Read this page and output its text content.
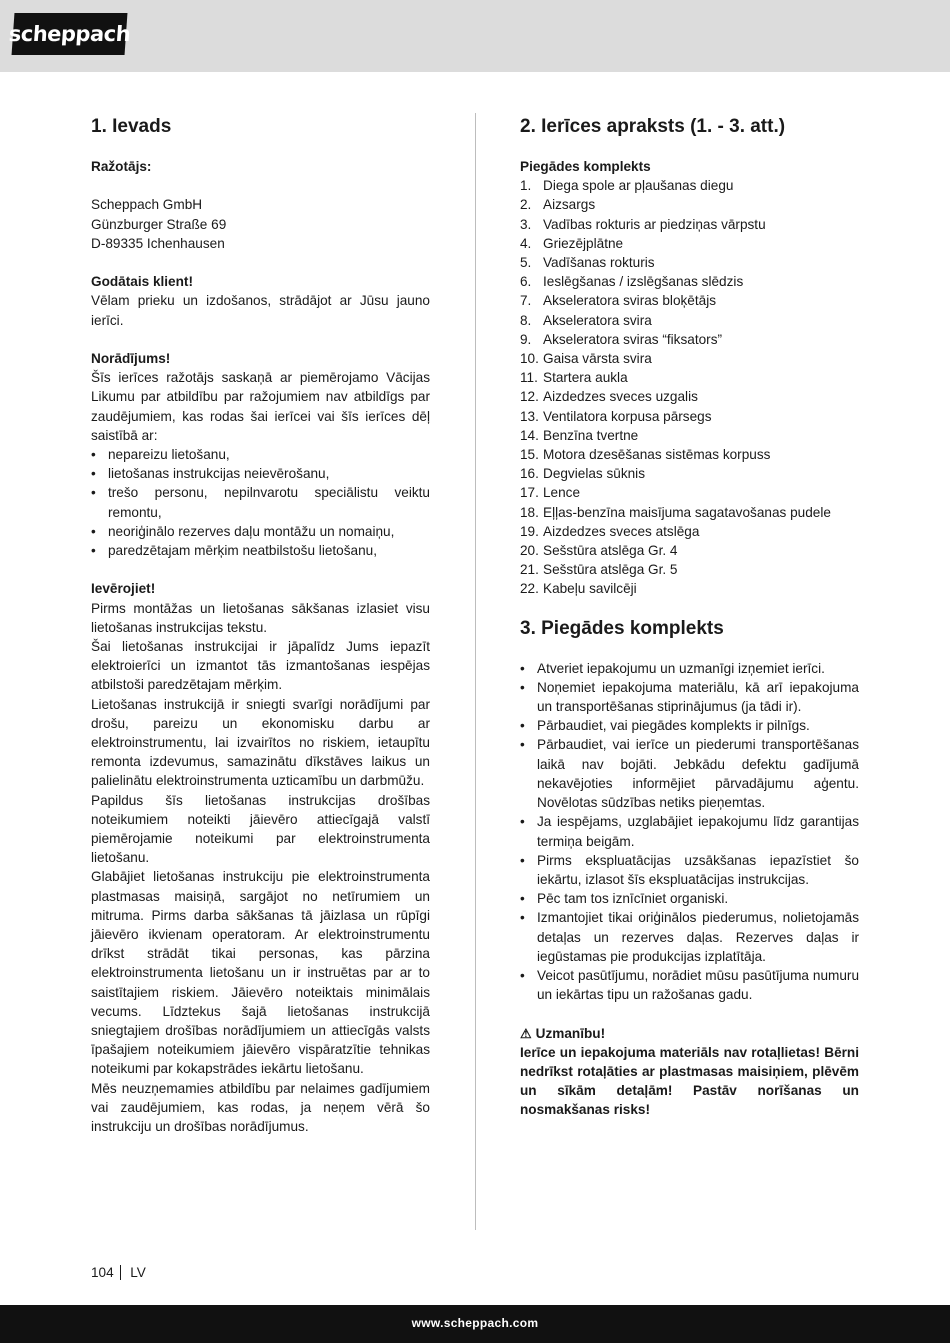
scheppach
1. Ievads
Ražotājs:
Scheppach GmbH
Günzburger Straße 69
D-89335 Ichenhausen
Godātais klient!

Vēlam prieku un izdošanos, strādājot ar Jūsu jauno ierīci.

Norādījums!

Šīs ierīces ražotājs saskaņā ar piemērojamo Vācijas Likumu par atbildību par ražojumiem nav atbildīgs par zaudējumiem, kas rodas šai ierīcei vai šīs ierīces dēļ saistībā ar:

• nepareizu lietošanu,
• lietošanas instrukcijas neievērošanu,
• trešo personu, nepilnvarotu speciālistu veiktu remontu,
• neoriģinālo rezerves daļu montāžu un nomaiņu,
• paredzētajam mērķim neatbilstošu lietošanu,
Ievērojiet!

Pirms montāžas un lietošanas sākšanas izlasiet visu lietošanas instrukcijas tekstu.

Šai lietošanas instrukcijai ir jāpalīdz Jums iepazīt elektroierīci un izmantot tās izmantošanas iespējas atbilstoši paredzētajam mērķim.

Lietošanas instrukcijā ir sniegti svarīgi norādījumi par drošu, pareizu un ekonomisku darbu ar elektroinstrumentu, lai izvairītos no riskiem, ietaupītu remonta izdevumus, samazinātu dīkstāves laikus un palielinātu elektroinstrumenta uzticamību un darbmūžu.

Papildus šīs lietošanas instrukcijas drošības noteikumiem noteikti jāievēro attiecīgajā valstī piemērojamie noteikumi par elektroinstrumenta lietošanu.

Glabājiet lietošanas instrukciju pie elektroinstrumenta plastmasas maisiņā, sargājot no netīrumiem un mitruma. Pirms darba sākšanas tā jāizlasa un rūpīgi jāievēro ikvienam operatoram. Ar elektroinstrumentu drīkst strādāt tikai personas, kas pārzina elektroinstrumenta lietošanu un ir instruētas par ar to saistītajiem riskiem. Jāievēro noteiktais minimālais vecums. Līdztekus šajā lietošanas instrukcijā sniegtajiem drošības norādījumiem un attiecīgās valsts īpašajiem noteikumiem jāievēro vispāratzītie tehnikas noteikumi par kokapstrādes iekārtu lietošanu.

Mēs neuzņemamies atbildību par nelaimes gadījumiem vai zaudējumiem, kas rodas, ja neņem vērā šo instrukciju un drošības norādījumus.

2. Ierīces apraksts (1. - 3. att.)
Piegādes komplekts
1. Diega spole ar pļaušanas diegu
2. Aizsargs
3. Vadības rokturis ar piedziņas vārpstu
4. Griezējplātne
5. Vadīšanas rokturis
6. Ieslēgšanas / izslēgšanas slēdzis
7. Akseleratora sviras bloķētājs
8. Akseleratora svira
9. Akseleratora sviras “fiksators”
10. Gaisa vārsta svira
11. Startera aukla
12. Aizdedzes sveces uzgalis
13. Ventilatora korpusa pārsegs
14. Benzīna tvertne
15. Motora dzesēšanas sistēmas korpuss
16. Degvielas sūknis
17. Lence
18. Eļļas-benzīna maisījuma sagatavošanas pudele
19. Aizdedzes sveces atslēga
20. Sešstūra atslēga Gr. 4
21. Sešstūra atslēga Gr. 5
22. Kabeļu savilcēji
3. Piegādes komplekts
• Atveriet iepakojumu un uzmanīgi izņemiet ierīci.
• Noņemiet iepakojuma materiālu, kā arī iepakojuma un transportēšanas stiprinājumus (ja tādi ir).
• Pārbaudiet, vai piegādes komplekts ir pilnīgs.
• Pārbaudiet, vai ierīce un piederumi transportēšanas laikā nav bojāti. Jebkādu defektu gadījumā nekavējoties informējiet pārvadājumu aģentu. Novēlotas sūdzības netiks pieņemtas.
• Ja iespējams, uzglabājiet iepakojumu līdz garantijas termiņa beigām.
• Pirms ekspluatācijas uzsākšanas iepazīstiet šo iekārtu, izlasot šīs ekspluatācijas instrukcijas.
• Pēc tam tos iznīcīniet organiski.
• Izmantojiet tikai oriģinālos piederumus, nolietojamās detaļas un rezerves daļas. Rezerves daļas ir iegūstamas pie produkcijas izplatītāja.
• Veicot pasūtījumu, norādiet mūsu pasūtījuma numuru un iekārtas tipu un ražošanas gadu.
⚠ Uzmanību!

Ierīce un iepakojuma materiāls nav rotaļlietas! Bērni nedrīkst rotaļāties ar plastmasas maisiņiem, plēvēm un sīkām detaļām! Pastāv norīšanas un nosmakšanas risks!

104 LV
www.scheppach.com
